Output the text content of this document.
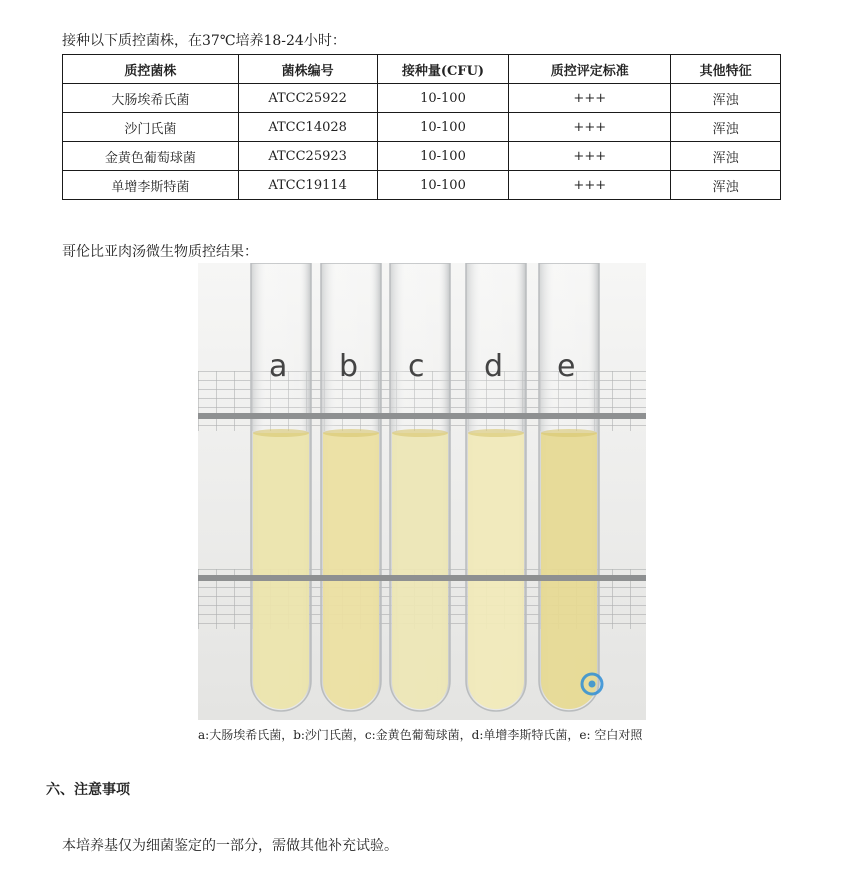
接种以下质控菌株，在37℃培养18-24小时：
质控菌株	菌株编号	接种量(CFU)	质控评定标准	其他特征
大肠埃希氏菌	ATCC25922	10-100	+++	浑浊
沙门氏菌	ATCC14028	10-100	+++	浑浊
金黄色葡萄球菌	ATCC25923	10-100	+++	浑浊
单增李斯特菌	ATCC19114	10-100	+++	浑浊
哥伦比亚肉汤微生物质控结果：
a b c d e
a:大肠埃希氏菌，b:沙门氏菌，c:金黄色葡萄球菌，d:单增李斯特氏菌，e: 空白对照
六、注意事项
本培养基仅为细菌鉴定的一部分，需做其他补充试验。
